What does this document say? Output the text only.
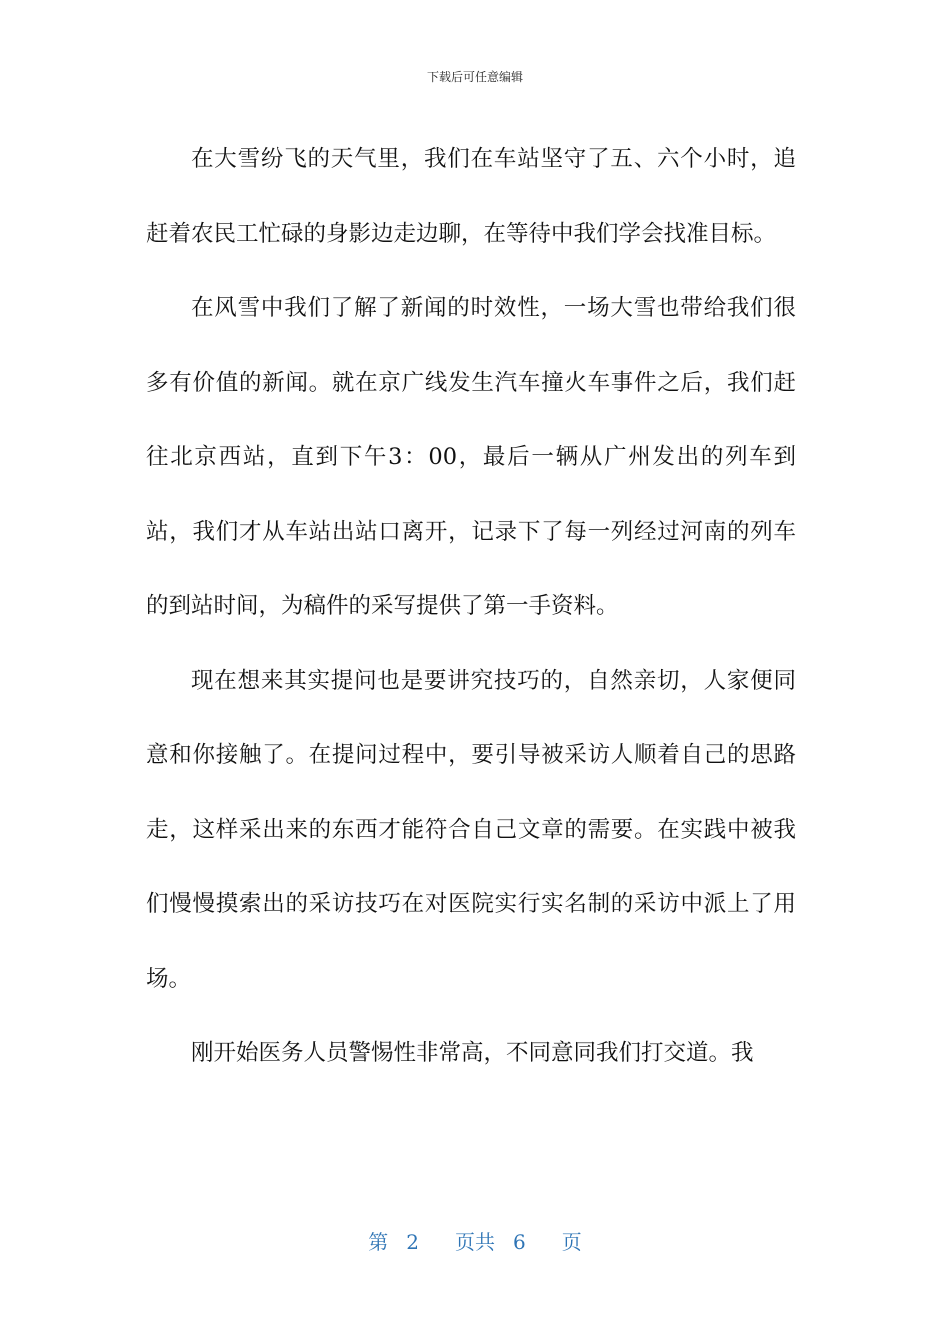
下载后可任意编辑

在大雪纷飞的天气里，我们在车站坚守了五、六个小时，追赶着农民工忙碌的身影边走边聊，在等待中我们学会找准目标。

在风雪中我们了解了新闻的时效性，一场大雪也带给我们很多有价值的新闻。就在京广线发生汽车撞火车事件之后，我们赶往北京西站，直到下午3：00，最后一辆从广州发出的列车到站，我们才从车站出站口离开，记录下了每一列经过河南的列车的到站时间，为稿件的采写提供了第一手资料。

现在想来其实提问也是要讲究技巧的，自然亲切，人家便同意和你接触了。在提问过程中，要引导被采访人顺着自己的思路走，这样采出来的东西才能符合自己文章的需要。在实践中被我们慢慢摸索出的采访技巧在对医院实行实名制的采访中派上了用场。

刚开始医务人员警惕性非常高，不同意同我们打交道。我

第 2 页共 6 页
